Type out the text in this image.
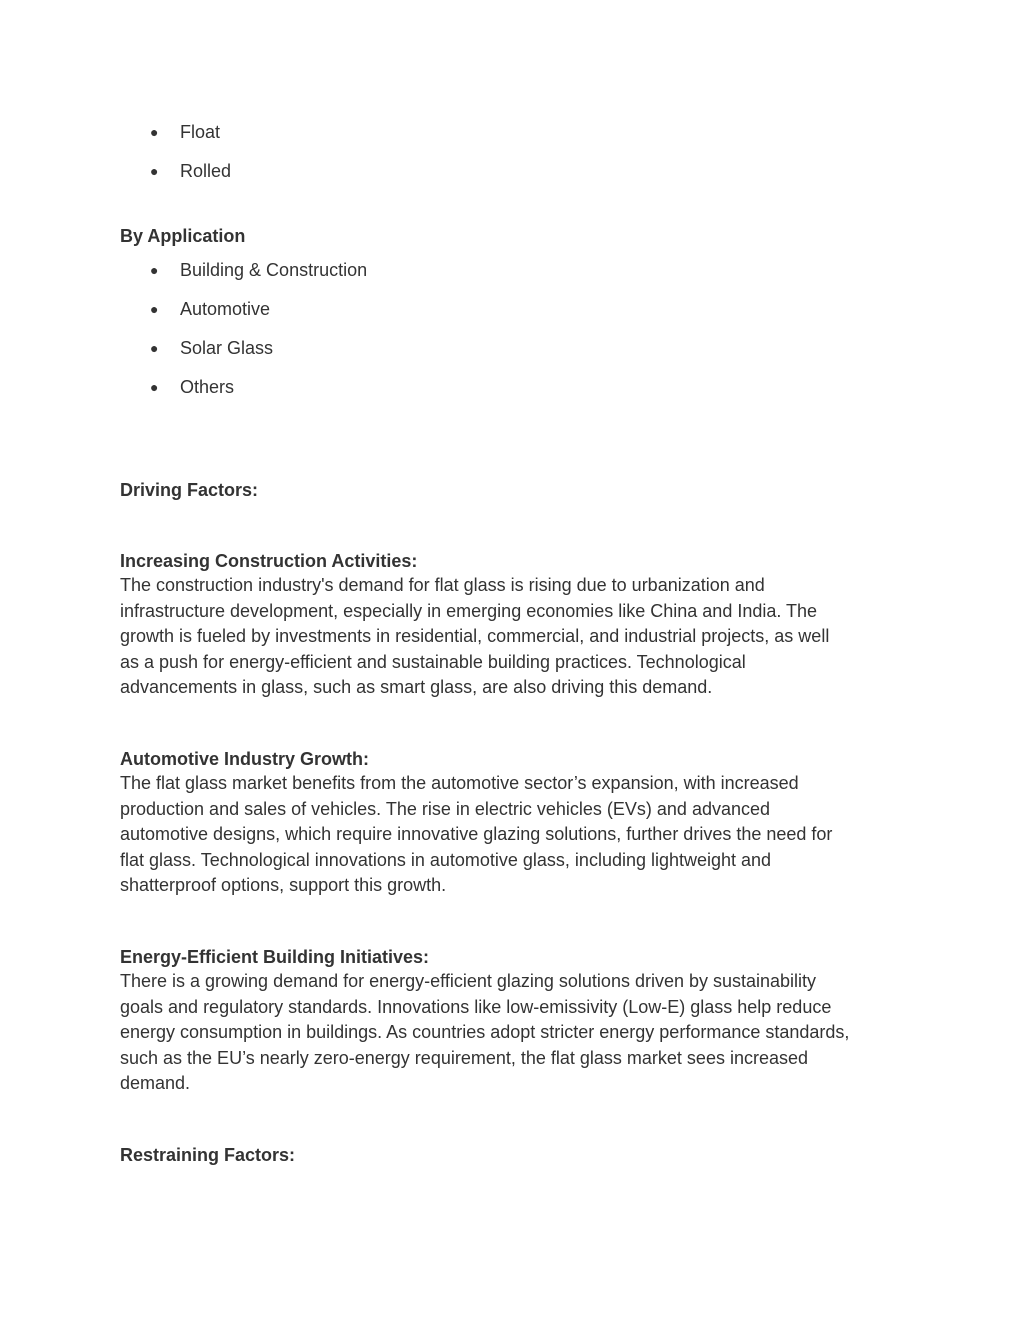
● Float
● Rolled
By Application
● Building & Construction
● Automotive
● Solar Glass
● Others
Driving Factors:
Increasing Construction Activities:

The construction industry's demand for flat glass is rising due to urbanization and
infrastructure development, especially in emerging economies like China and India. The
growth is fueled by investments in residential, commercial, and industrial projects, as well
as a push for energy-efficient and sustainable building practices. Technological
advancements in glass, such as smart glass, are also driving this demand.

Automotive Industry Growth:

The flat glass market benefits from the automotive sector’s expansion, with increased
production and sales of vehicles. The rise in electric vehicles (EVs) and advanced
automotive designs, which require innovative glazing solutions, further drives the need for
flat glass. Technological innovations in automotive glass, including lightweight and
shatterproof options, support this growth.

Energy-Efficient Building Initiatives:

There is a growing demand for energy-efficient glazing solutions driven by sustainability
goals and regulatory standards. Innovations like low-emissivity (Low-E) glass help reduce
energy consumption in buildings. As countries adopt stricter energy performance standards,
such as the EU’s nearly zero-energy requirement, the flat glass market sees increased
demand.

Restraining Factors:
